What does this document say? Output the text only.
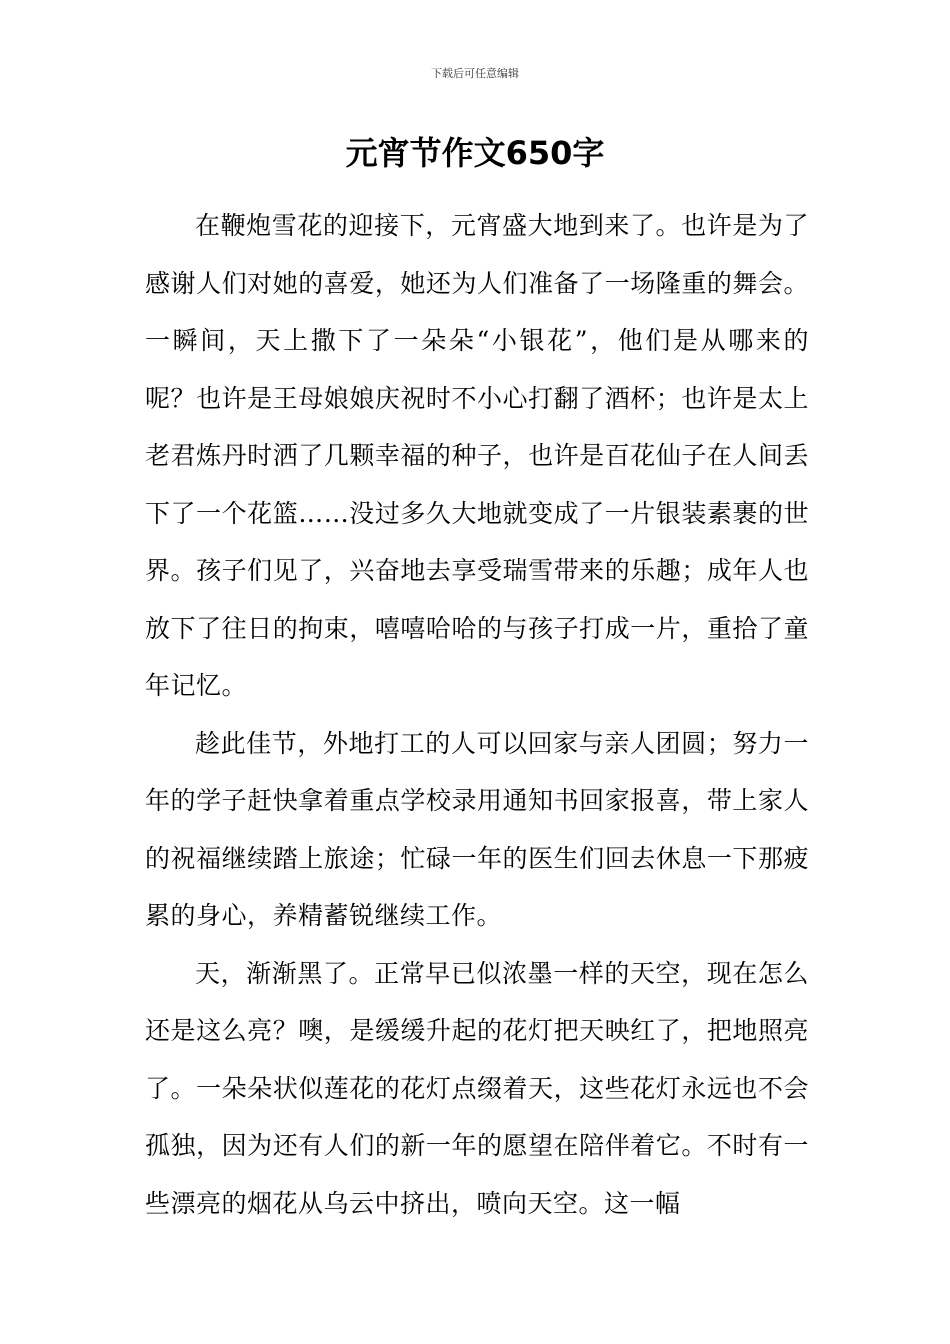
下载后可任意编辑
元宵节作文650字

在鞭炮雪花的迎接下，元宵盛大地到来了。也许是为了感谢人们对她的喜爱，她还为人们准备了一场隆重的舞会。一瞬间，天上撒下了一朵朵“小银花”，他们是从哪来的呢？也许是王母娘娘庆祝时不小心打翻了酒杯；也许是太上老君炼丹时洒了几颗幸福的种子，也许是百花仙子在人间丢下了一个花篮……没过多久大地就变成了一片银装素裹的世界。孩子们见了，兴奋地去享受瑞雪带来的乐趣；成年人也放下了往日的拘束，嘻嘻哈哈的与孩子打成一片，重拾了童年记忆。

趁此佳节，外地打工的人可以回家与亲人团圆；努力一年的学子赶快拿着重点学校录用通知书回家报喜，带上家人的祝福继续踏上旅途；忙碌一年的医生们回去休息一下那疲累的身心，养精蓄锐继续工作。

天，渐渐黑了。正常早已似浓墨一样的天空，现在怎么还是这么亮？噢，是缓缓升起的花灯把天映红了，把地照亮了。一朵朵状似莲花的花灯点缀着天，这些花灯永远也不会孤独，因为还有人们的新一年的愿望在陪伴着它。不时有一些漂亮的烟花从乌云中挤出，喷向天空。这一幅
